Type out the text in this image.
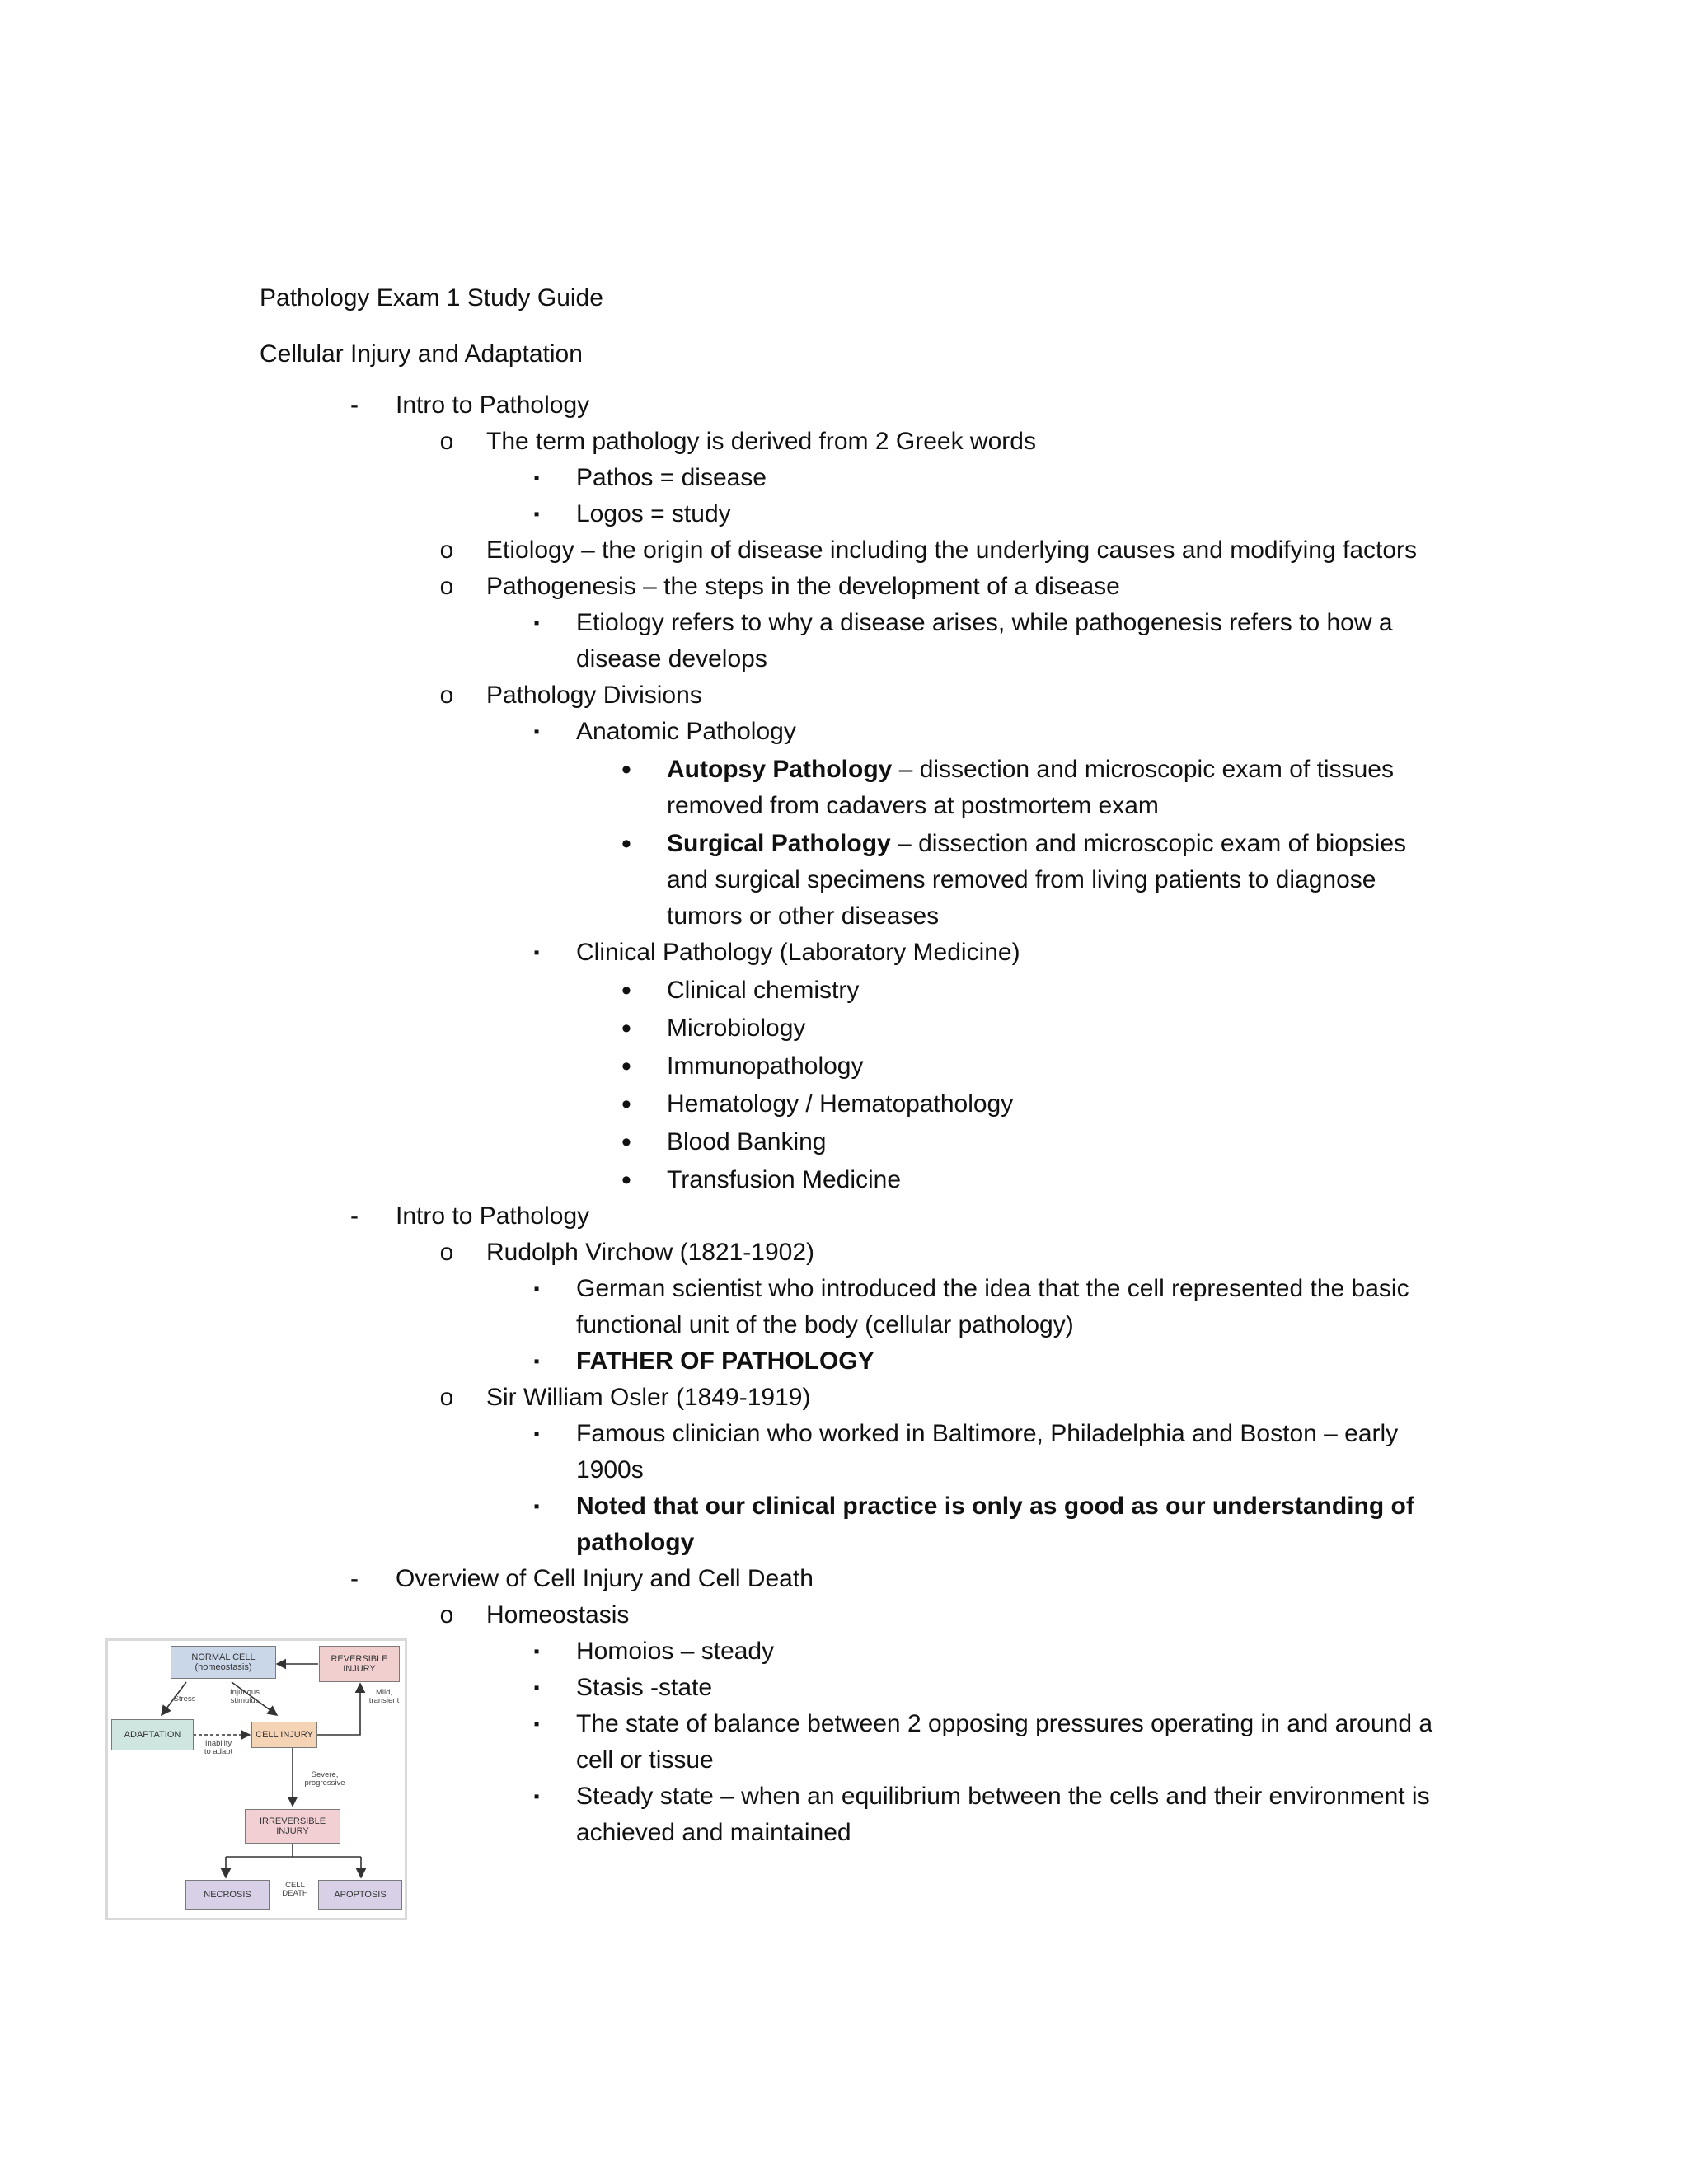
Pathology Exam 1 Study Guide
Cellular Injury and Adaptation
-	Intro to Pathology
o	The term pathology is derived from 2 Greek words
▪	Pathos = disease
▪	Logos = study
o	Etiology – the origin of disease including the underlying causes and modifying factors
o	Pathogenesis – the steps in the development of a disease
▪	Etiology refers to why a disease arises, while pathogenesis refers to how a disease develops
o	Pathology Divisions
▪	Anatomic Pathology
•	Autopsy Pathology – dissection and microscopic exam of tissues removed from cadavers at postmortem exam
•	Surgical Pathology – dissection and microscopic exam of biopsies and surgical specimens removed from living patients to diagnose tumors or other diseases
▪	Clinical Pathology (Laboratory Medicine)
•	Clinical chemistry
•	Microbiology
•	Immunopathology
•	Hematology / Hematopathology
•	Blood Banking
•	Transfusion Medicine
-	Intro to Pathology
o	Rudolph Virchow (1821-1902)
▪	German scientist who introduced the idea that the cell represented the basic functional unit of the body (cellular pathology)
▪	FATHER OF PATHOLOGY
o	Sir William Osler (1849-1919)
▪	Famous clinician who worked in Baltimore, Philadelphia and Boston – early 1900s
▪	Noted that our clinical practice is only as good as our understanding of pathology
-	Overview of Cell Injury and Cell Death
o	Homeostasis
▪	Homoios – steady
▪	Stasis -state
▪	The state of balance between 2 opposing pressures operating in and around a cell or tissue
▪	Steady state – when an equilibrium between the cells and their environment is achieved and maintained
NORMAL CELL
(homeostasis)
REVERSIBLE
INJURY
ADAPTATION	CELL INJURY
IRREVERSIBLE
INJURY
NECROSIS	APOPTOSIS
CELL
DEATH
Stress
Injurious
stimulus
Mild,
transient
Inability
to adapt
Severe,
progressive
